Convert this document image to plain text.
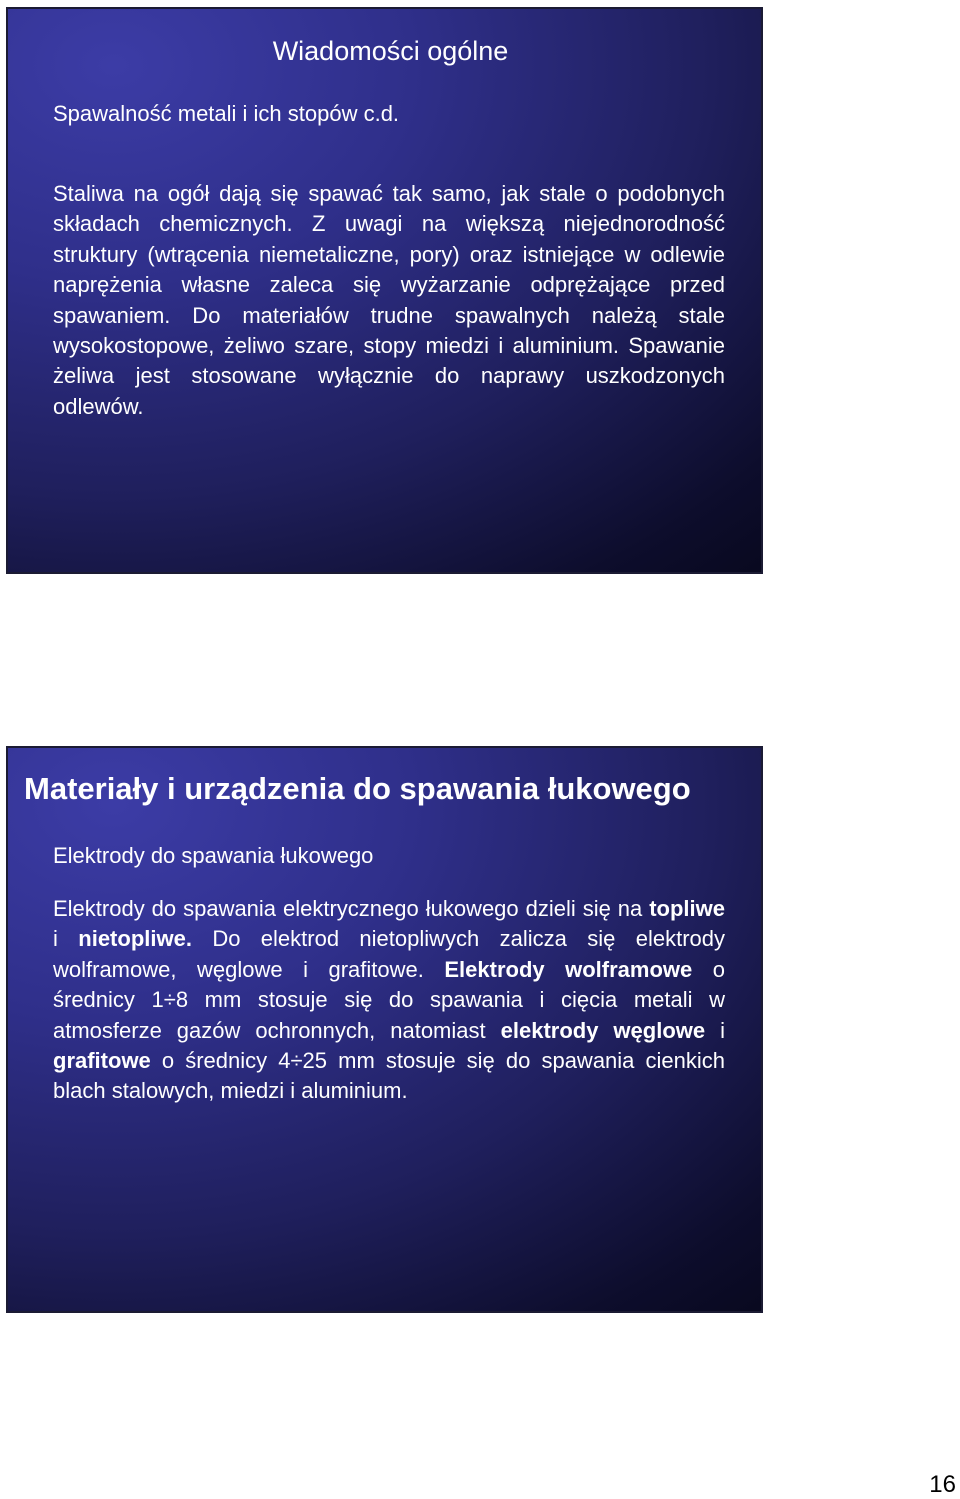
Wiadomości ogólne

Spawalność metali i ich stopów c.d.

Staliwa na ogół dają się spawać tak samo, jak stale o podobnych składach chemicznych. Z uwagi na większą niejednorodność struktury (wtrącenia niemetaliczne, pory) oraz istniejące w odlewie naprężenia własne zaleca się wyżarzanie odprężające przed spawaniem. Do materiałów trudne spawalnych należą stale wysokostopowe, żeliwo szare, stopy miedzi i aluminium. Spawanie żeliwa jest stosowane wyłącznie do naprawy uszkodzonych odlewów.

Materiały i urządzenia do spawania łukowego

Elektrody do spawania łukowego

Elektrody do spawania elektrycznego łukowego dzieli się na topliwe i nietopliwe. Do elektrod nietopliwych zalicza się elektrody wolframowe, węglowe i grafitowe. Elektrody wolframowe o średnicy 1÷8 mm stosuje się do spawania i cięcia metali w atmosferze gazów ochronnych, natomiast elektrody węglowe i grafitowe o średnicy 4÷25 mm stosuje się do spawania cienkich blach stalowych, miedzi i aluminium.

16
